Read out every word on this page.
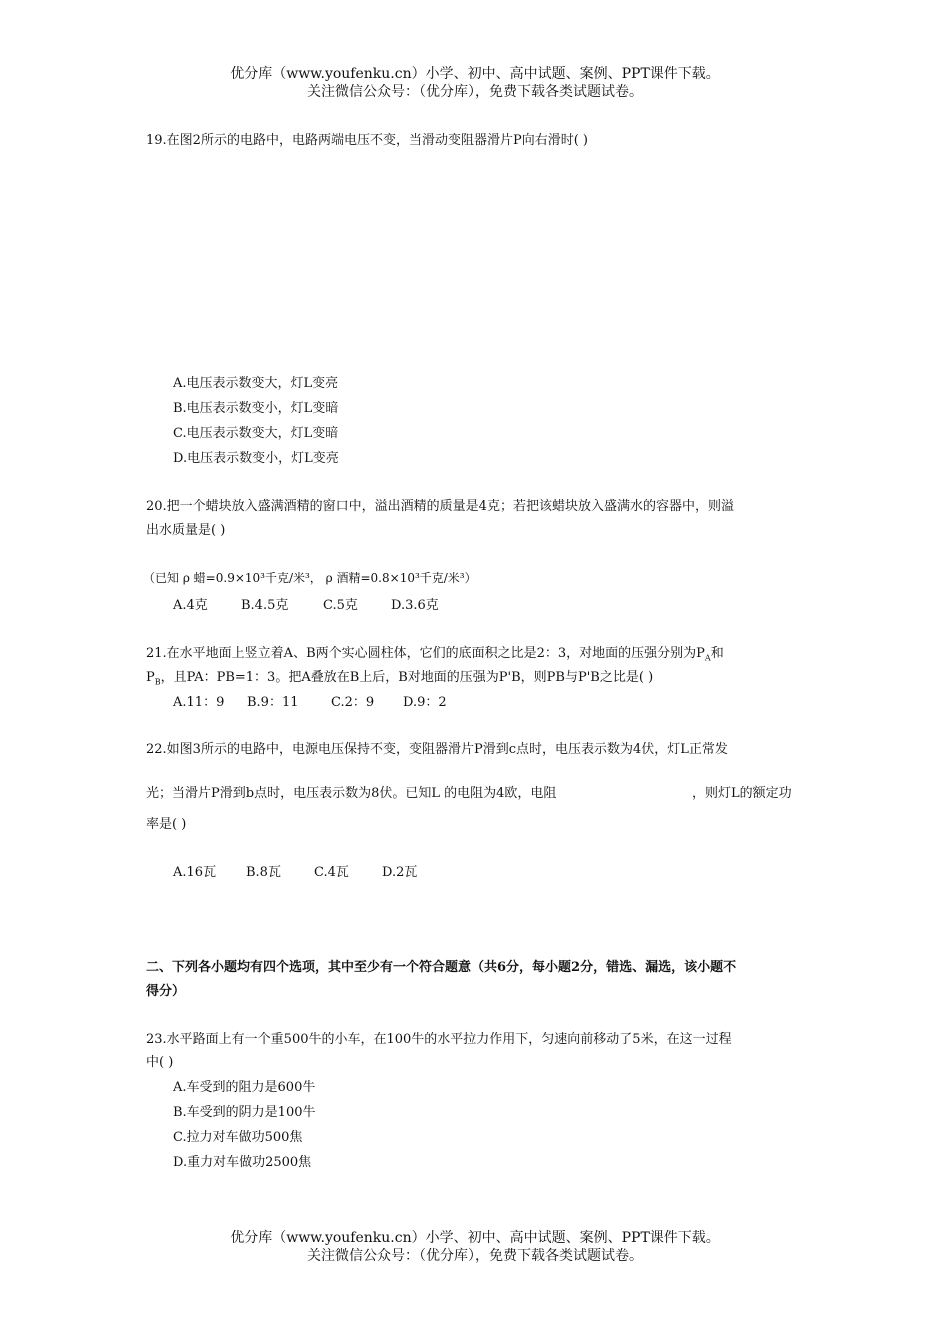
优分库（www.youfenku.cn）小学、初中、高中试题、案例、PPT课件下载。
关注微信公众号：（优分库），免费下载各类试题试卷。
19.在图2所示的电路中，电路两端电压不变，当滑动变阻器滑片P向右滑时( )
A.电压表示数变大，灯L变亮
B.电压表示数变小，灯L变暗
C.电压表示数变大，灯L变暗
D.电压表示数变小，灯L变亮
20.把一个蜡块放入盛满酒精的窗口中，溢出酒精的质量是4克；若把该蜡块放入盛满水的容器中，则溢
出水质量是( )
（已知 ρ 蜡=0.9×10³千克/米³， ρ 酒精=0.8×10³千克/米³）
A.4克	B.4.5克	C.5克	D.3.6克
21.在水平地面上竖立着A、B两个实心圆柱体，它们的底面积之比是2：3，对地面的压强分别为$P_A$和
$P_B$，且PA：PB=1：3。把A叠放在B上后，B对地面的压强为P'B，则PB与P'B之比是( )
A.11：9 B.9：11	C.2：9 D.9：2
22.如图3所示的电路中，电源电压保持不变，变阻器滑片P滑到c点时，电压表示数为4伏，灯L正常发
光；当滑片P滑到b点时，电压表示数为8伏。已知L 的电阻为4欧，电阻	，则灯L的额定功
率是( )
A.16瓦 B.8瓦	C.4瓦	D.2瓦
二、下列各小题均有四个选项，其中至少有一个符合题意（共6分，每小题2分，错选、漏选，该小题不
得分）
23.水平路面上有一个重500牛的小车，在100牛的水平拉力作用下，匀速向前移动了5米，在这一过程
中( )
A.车受到的阻力是600牛
B.车受到的阴力是100牛
C.拉力对车做功500焦
D.重力对车做功2500焦
优分库（www.youfenku.cn）小学、初中、高中试题、案例、PPT课件下载。
关注微信公众号：（优分库），免费下载各类试题试卷。
